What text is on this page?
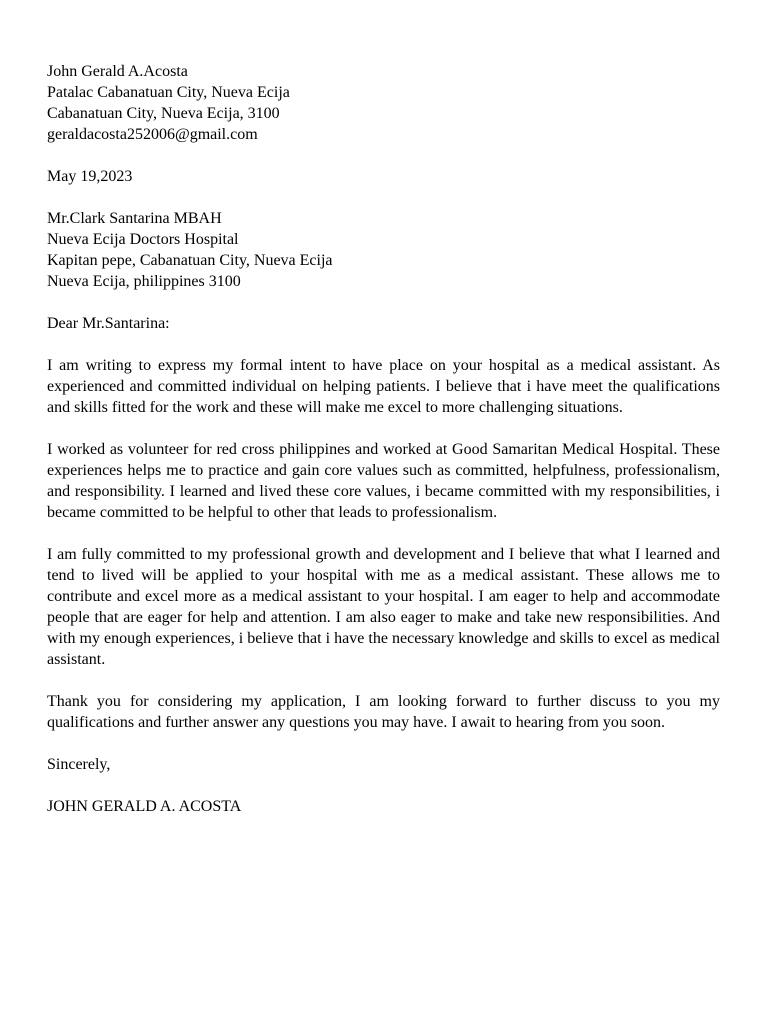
John Gerald A.Acosta
Patalac Cabanatuan City, Nueva Ecija
Cabanatuan City, Nueva Ecija, 3100
geraldacosta252006@gmail.com
May 19,2023
Mr.Clark Santarina MBAH
Nueva Ecija Doctors Hospital
Kapitan pepe, Cabanatuan City, Nueva Ecija
Nueva Ecija, philippines 3100

Dear Mr.Santarina:

I am writing to express my formal intent to have place on your hospital as a medical assistant. As experienced and committed individual on helping patients. I believe that i have meet the qualifications and skills fitted for the work and these will make me excel to more challenging situations.

I worked as volunteer for red cross philippines and worked at Good Samaritan Medical Hospital. These experiences helps me to practice and gain core values such as committed, helpfulness, professionalism, and responsibility. I learned and lived these core values, i became committed with my responsibilities, i became committed to be helpful to other that leads to professionalism.

I am fully committed to my professional growth and development and I believe that what I learned and tend to lived will be applied to your hospital with me as a medical assistant. These allows me to contribute and excel more as a medical assistant to your hospital. I am eager to help and accommodate people that are eager for help and attention. I am also eager to make and take new responsibilities. And with my enough experiences, i believe that i have the necessary knowledge and skills to excel as medical assistant.

Thank you for considering my application, I am looking forward to further discuss to you my qualifications and further answer any questions you may have. I await to hearing from you soon.

Sincerely,

JOHN GERALD A. ACOSTA
